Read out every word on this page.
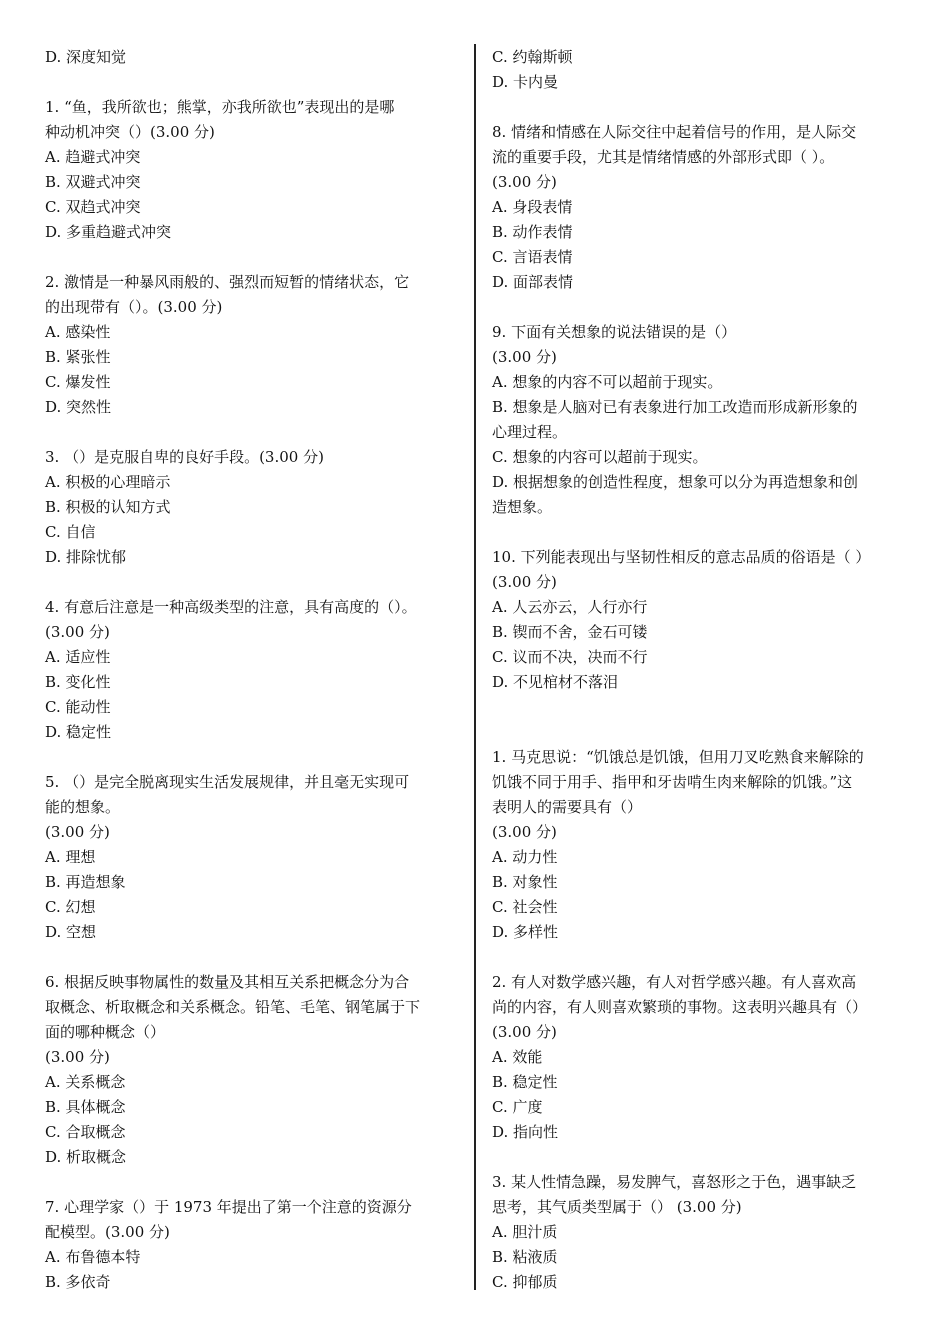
D. 深度知觉
1. “鱼，我所欲也；熊掌，亦我所欲也”表现出的是哪
种动机冲突（）(3.00 分)
A. 趋避式冲突
B. 双避式冲突
C. 双趋式冲突
D. 多重趋避式冲突
2. 激情是一种暴风雨般的、强烈而短暂的情绪状态，它
的出现带有（）。(3.00 分)
A. 感染性
B. 紧张性
C. 爆发性
D. 突然性
3. （）是克服自卑的良好手段。(3.00 分)
A. 积极的心理暗示
B. 积极的认知方式
C. 自信
D. 排除忧郁
4. 有意后注意是一种高级类型的注意，具有高度的（）。
(3.00 分)
A. 适应性
B. 变化性
C. 能动性
D. 稳定性
5. （）是完全脱离现实生活发展规律，并且毫无实现可
能的想象。
(3.00 分)
A. 理想
B. 再造想象
C. 幻想
D. 空想
6. 根据反映事物属性的数量及其相互关系把概念分为合
取概念、析取概念和关系概念。铅笔、毛笔、钢笔属于下
面的哪种概念（）
(3.00 分)
A. 关系概念
B. 具体概念
C. 合取概念
D. 析取概念
7. 心理学家（）于 1973 年提出了第一个注意的资源分
配模型。(3.00 分)
A. 布鲁德本特
B. 多依奇
C. 约翰斯顿
D. 卡内曼
8. 情绪和情感在人际交往中起着信号的作用，是人际交
流的重要手段，尤其是情绪情感的外部形式即（ ）。
(3.00 分)
A. 身段表情
B. 动作表情
C. 言语表情
D. 面部表情
9. 下面有关想象的说法错误的是（）
(3.00 分)
A. 想象的内容不可以超前于现实。
B. 想象是人脑对已有表象进行加工改造而形成新形象的
心理过程。
C. 想象的内容可以超前于现实。
D. 根据想象的创造性程度，想象可以分为再造想象和创
造想象。
10. 下列能表现出与坚韧性相反的意志品质的俗语是（ ）
(3.00 分)
A. 人云亦云，人行亦行
B. 锲而不舍，金石可镂
C. 议而不决，决而不行
D. 不见棺材不落泪
1. 马克思说：“饥饿总是饥饿，但用刀叉吃熟食来解除的
饥饿不同于用手、指甲和牙齿啃生肉来解除的饥饿。”这
表明人的需要具有（）
(3.00 分)
A. 动力性
B. 对象性
C. 社会性
D. 多样性
2. 有人对数学感兴趣，有人对哲学感兴趣。有人喜欢高
尚的内容，有人则喜欢繁琐的事物。这表明兴趣具有（）
(3.00 分)
A. 效能
B. 稳定性
C. 广度
D. 指向性
3. 某人性情急躁，易发脾气，喜怒形之于色，遇事缺乏
思考，其气质类型属于（） (3.00 分)
A. 胆汁质
B. 粘液质
C. 抑郁质
